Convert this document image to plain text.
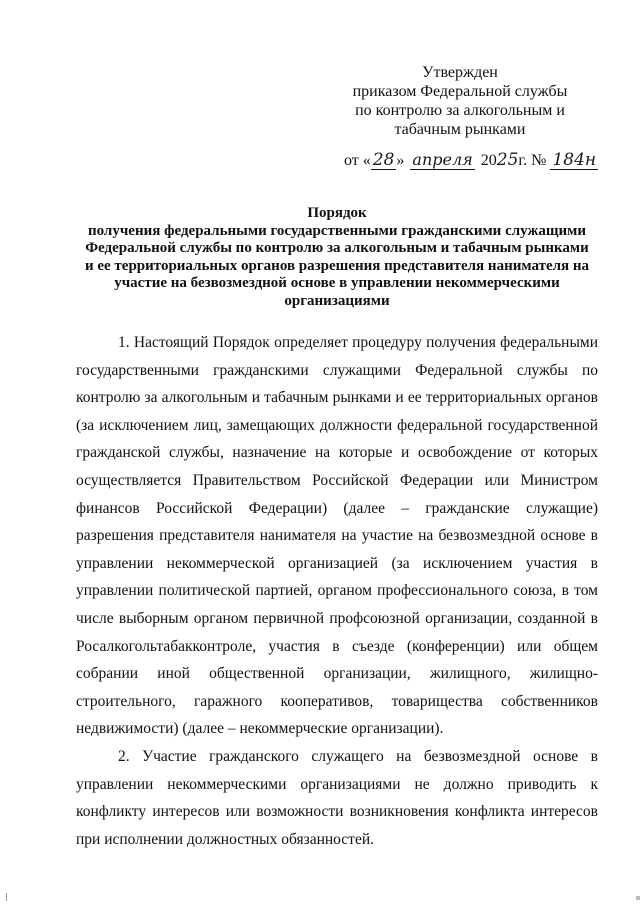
Утвержден
приказом Федеральной службы
по контролю за алкогольным и
табачным рынками
от « 28 » апреля 20 25 г. № 184н
Порядок
получения федеральными государственными гражданскими служащими
Федеральной службы по контролю за алкогольным и табачным рынками
и ее территориальных органов разрешения представителя нанимателя на
участие на безвозмездной основе в управлении некоммерческими
организациями

1. Настоящий Порядок определяет процедуру получения федеральными государственными гражданскими служащими Федеральной службы по контролю за алкогольным и табачным рынками и ее территориальных органов (за исключением лиц, замещающих должности федеральной государственной гражданской службы, назначение на которые и освобождение от которых осуществляется Правительством Российской Федерации или Министром финансов Российской Федерации) (далее – гражданские служащие) разрешения представителя нанимателя на участие на безвозмездной основе в управлении некоммерческой организацией (за исключением участия в управлении политической партией, органом профессионального союза, в том числе выборным органом первичной профсоюзной организации, созданной в Росалкогольтабакконтроле, участия в съезде (конференции) или общем собрании иной общественной организации, жилищного, жилищно-строительного, гаражного кооперативов, товарищества собственников недвижимости) (далее – некоммерческие организации).

2. Участие гражданского служащего на безвозмездной основе в управлении некоммерческими организациями не должно приводить к конфликту интересов или возможности возникновения конфликта интересов при исполнении должностных обязанностей.
